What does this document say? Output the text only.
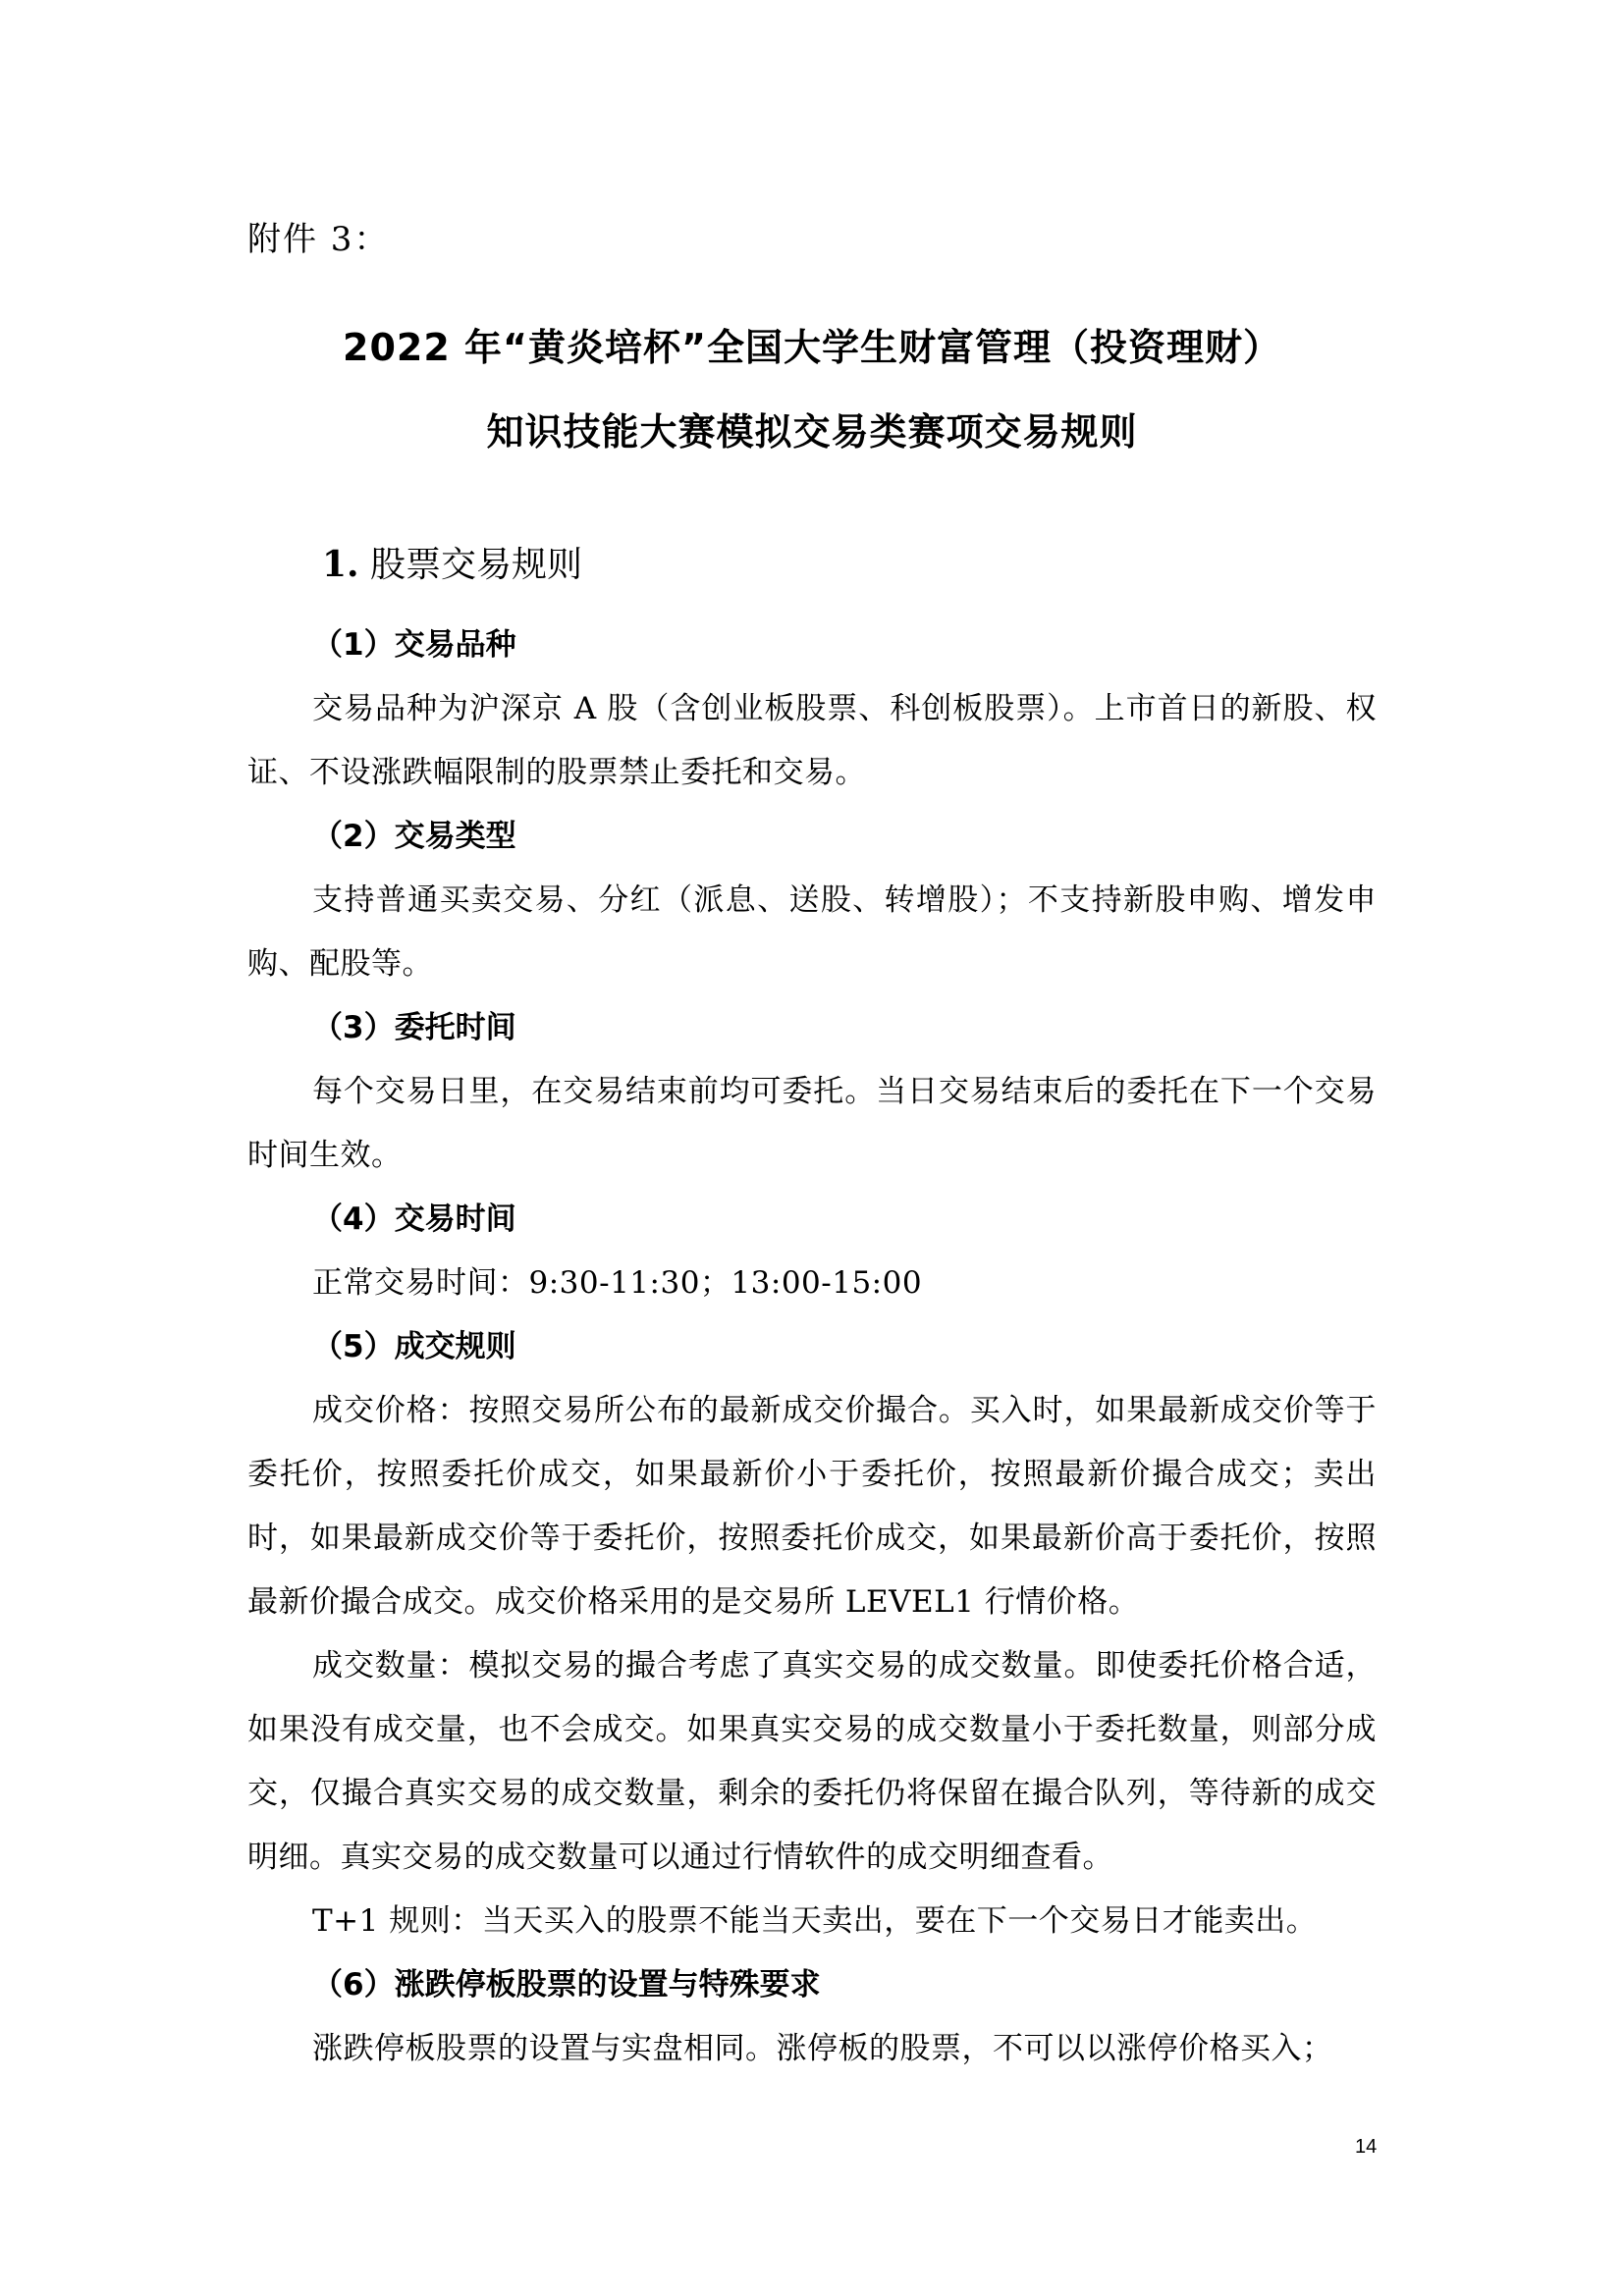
附件 3：
2022 年“黄炎培杯”全国大学生财富管理（投资理财）
知识技能大赛模拟交易类赛项交易规则
1. 股票交易规则
（1）交易品种

交易品种为沪深京 A 股（含创业板股票、科创板股票）。上市首日的新股、权证、不设涨跌幅限制的股票禁止委托和交易。

（2）交易类型

支持普通买卖交易、分红（派息、送股、转增股）；不支持新股申购、增发申购、配股等。

（3）委托时间

每个交易日里，在交易结束前均可委托。当日交易结束后的委托在下一个交易时间生效。

（4）交易时间

正常交易时间：9:30-11:30；13:00-15:00

（5）成交规则

成交价格：按照交易所公布的最新成交价撮合。买入时，如果最新成交价等于委托价，按照委托价成交，如果最新价小于委托价，按照最新价撮合成交；卖出时，如果最新成交价等于委托价，按照委托价成交，如果最新价高于委托价，按照最新价撮合成交。成交价格采用的是交易所 LEVEL1 行情价格。

成交数量：模拟交易的撮合考虑了真实交易的成交数量。即使委托价格合适，如果没有成交量，也不会成交。如果真实交易的成交数量小于委托数量，则部分成交，仅撮合真实交易的成交数量，剩余的委托仍将保留在撮合队列，等待新的成交明细。真实交易的成交数量可以通过行情软件的成交明细查看。

T+1 规则：当天买入的股票不能当天卖出，要在下一个交易日才能卖出。

（6）涨跌停板股票的设置与特殊要求

涨跌停板股票的设置与实盘相同。涨停板的股票，不可以以涨停价格买入；

14
